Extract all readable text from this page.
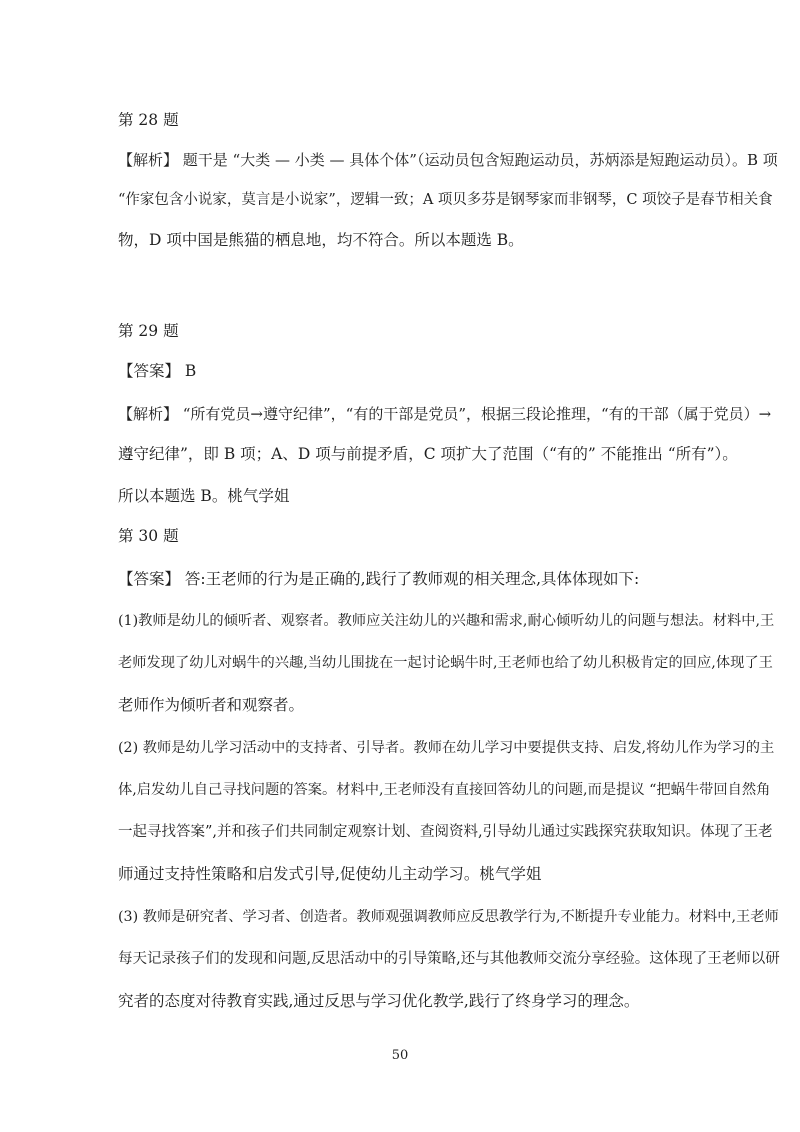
第 28 题

【解析】 题干是 “大类 — 小类 — 具体个体”（运动员包含短跑运动员，苏炳添是短跑运动员）。B 项

“作家包含小说家，莫言是小说家”，逻辑一致；A 项贝多芬是钢琴家而非钢琴，C 项饺子是春节相关食

物，D 项中国是熊猫的栖息地，均不符合。所以本题选 B。

第 29 题

【答案】 B

【解析】 “所有党员→遵守纪律”，“有的干部是党员”，根据三段论推理，“有的干部（属于党员）→

遵守纪律”，即 B 项；A、D 项与前提矛盾，C 项扩大了范围（“有的” 不能推出 “所有”）。

所以本题选 B。桃气学姐

第 30 题

【答案】 答:王老师的行为是正确的,践行了教师观的相关理念,具体体现如下:

(1)教师是幼儿的倾听者、观察者。教师应关注幼儿的兴趣和需求,耐心倾听幼儿的问题与想法。材料中,王

老师发现了幼儿对蜗牛的兴趣,当幼儿围拢在一起讨论蜗牛时,王老师也给了幼儿积极肯定的回应,体现了王

老师作为倾听者和观察者。

(2) 教师是幼儿学习活动中的支持者、引导者。教师在幼儿学习中要提供支持、启发,将幼儿作为学习的主

体,启发幼儿自己寻找问题的答案。材料中,王老师没有直接回答幼儿的问题,而是提议 “把蜗牛带回自然角

一起寻找答案”,并和孩子们共同制定观察计划、查阅资料,引导幼儿通过实践探究获取知识。体现了王老

师通过支持性策略和启发式引导,促使幼儿主动学习。桃气学姐

(3) 教师是研究者、学习者、创造者。教师观强调教师应反思教学行为,不断提升专业能力。材料中,王老师

每天记录孩子们的发现和问题,反思活动中的引导策略,还与其他教师交流分享经验。这体现了王老师以研

究者的态度对待教育实践,通过反思与学习优化教学,践行了终身学习的理念。

50
